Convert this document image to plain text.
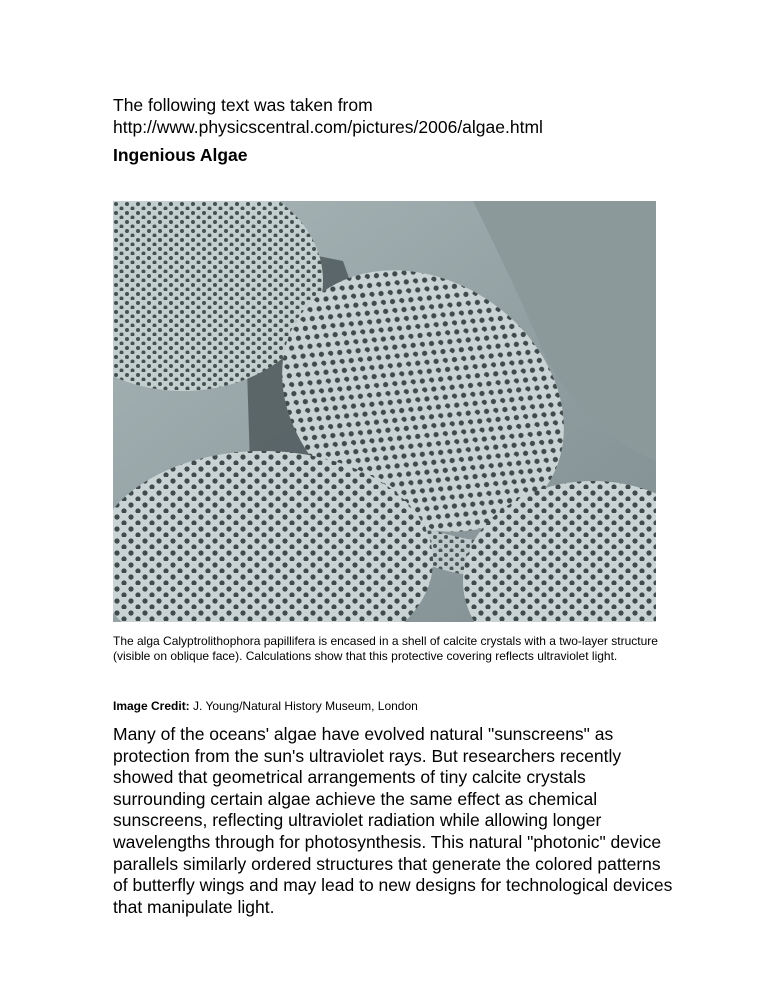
The following text was taken from
http://www.physicscentral.com/pictures/2006/algae.html
Ingenious Algae
The alga Calyptrolithophora papillifera is encased in a shell of calcite crystals with a two-layer structure (visible on oblique face). Calculations show that this protective covering reflects ultraviolet light.
Image Credit: J. Young/Natural History Museum, London
Many of the oceans' algae have evolved natural "sunscreens" as protection from the sun's ultraviolet rays. But researchers recently showed that geometrical arrangements of tiny calcite crystals surrounding certain algae achieve the same effect as chemical sunscreens, reflecting ultraviolet radiation while allowing longer wavelengths through for photosynthesis. This natural "photonic" device parallels similarly ordered structures that generate the colored patterns of butterfly wings and may lead to new designs for technological devices that manipulate light.
